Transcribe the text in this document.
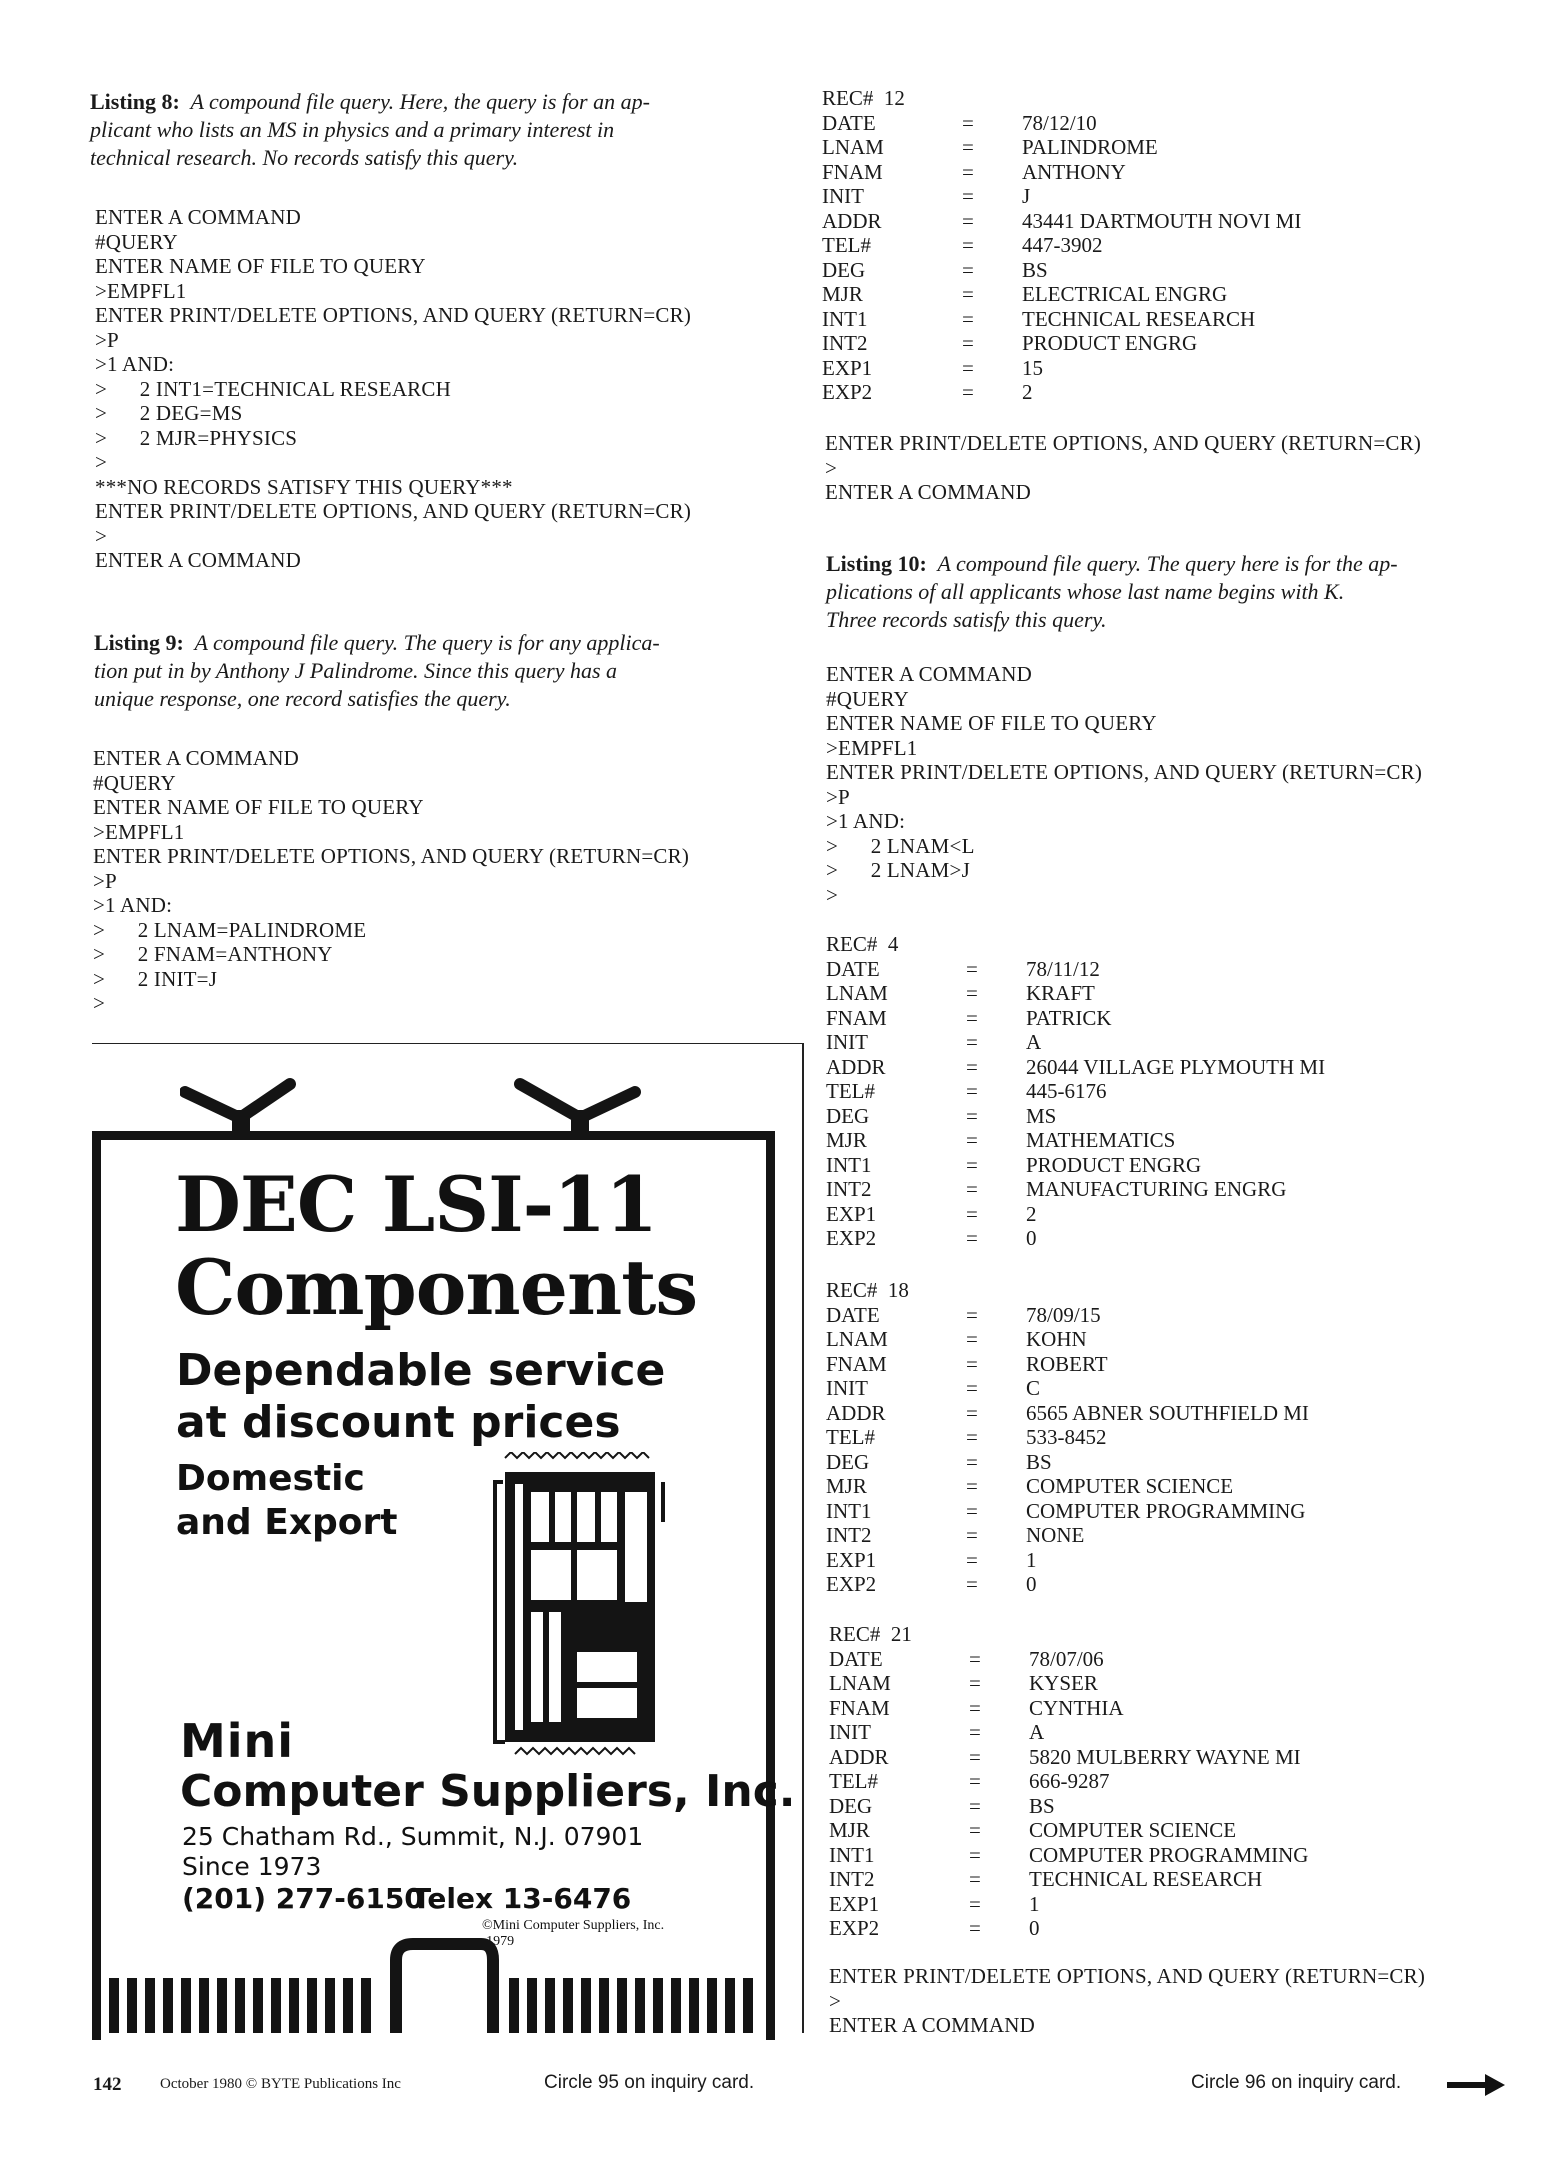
Listing 8: A compound file query. Here, the query is for an ap-
plicant who lists an MS in physics and a primary interest in
technical research. No records satisfy this query.
ENTER A COMMAND
#QUERY
ENTER NAME OF FILE TO QUERY
>EMPFL1
ENTER PRINT/DELETE OPTIONS, AND QUERY (RETURN=CR)
>P
>1 AND:
>      2 INT1=TECHNICAL RESEARCH
>      2 DEG=MS
>      2 MJR=PHYSICS
>
***NO RECORDS SATISFY THIS QUERY***
ENTER PRINT/DELETE OPTIONS, AND QUERY (RETURN=CR)
>
ENTER A COMMAND
Listing 9: A compound file query. The query is for any applica-
tion put in by Anthony J Palindrome. Since this query has a
unique response, one record satisfies the query.
ENTER A COMMAND
#QUERY
ENTER NAME OF FILE TO QUERY
>EMPFL1
ENTER PRINT/DELETE OPTIONS, AND QUERY (RETURN=CR)
>P
>1 AND:
>      2 LNAM=PALINDROME
>      2 FNAM=ANTHONY
>      2 INIT=J
>
DEC LSI-11
Components
Dependable service
at discount prices
Domestic
and Export
Mini
Computer Suppliers, Inc.
25 Chatham Rd., Summit, N.J. 07901
Since 1973
(201) 277-6150
Telex 13-6476
©Mini Computer Suppliers, Inc.
1979
REC#  12
DATE	= 78/12/10
LNAM	= PALINDROME
FNAM	= ANTHONY
INIT	= J
ADDR	= 43441 DARTMOUTH NOVI MI
TEL#	= 447-3902
DEG	= BS
MJR	= ELECTRICAL ENGRG
INT1	= TECHNICAL RESEARCH
INT2	= PRODUCT ENGRG
EXP1	= 15
EXP2	= 2
ENTER PRINT/DELETE OPTIONS, AND QUERY (RETURN=CR)
>
ENTER A COMMAND
Listing 10: A compound file query. The query here is for the ap-
plications of all applicants whose last name begins with K.
Three records satisfy this query.
ENTER A COMMAND
#QUERY
ENTER NAME OF FILE TO QUERY
>EMPFL1
ENTER PRINT/DELETE OPTIONS, AND QUERY (RETURN=CR)
>P
>1 AND:
>      2 LNAM<L
>      2 LNAM>J
>
REC#  4
DATE	= 78/11/12
LNAM	= KRAFT
FNAM	= PATRICK
INIT	= A
ADDR	= 26044 VILLAGE PLYMOUTH MI
TEL#	= 445-6176
DEG	= MS
MJR	= MATHEMATICS
INT1	= PRODUCT ENGRG
INT2	= MANUFACTURING ENGRG
EXP1	= 2
EXP2	= 0
REC#  18
DATE	= 78/09/15
LNAM	= KOHN
FNAM	= ROBERT
INIT	= C
ADDR	= 6565 ABNER SOUTHFIELD MI
TEL#	= 533-8452
DEG	= BS
MJR	= COMPUTER SCIENCE
INT1	= COMPUTER PROGRAMMING
INT2	= NONE
EXP1	= 1
EXP2	= 0
REC#  21
DATE	= 78/07/06
LNAM	= KYSER
FNAM	= CYNTHIA
INIT	= A
ADDR	= 5820 MULBERRY WAYNE MI
TEL#	= 666-9287
DEG	= BS
MJR	= COMPUTER SCIENCE
INT1	= COMPUTER PROGRAMMING
INT2	= TECHNICAL RESEARCH
EXP1	= 1
EXP2	= 0
ENTER PRINT/DELETE OPTIONS, AND QUERY (RETURN=CR)
>
ENTER A COMMAND
142	October 1980 © BYTE Publications Inc	Circle 95 on inquiry card.	Circle 96 on inquiry card.
